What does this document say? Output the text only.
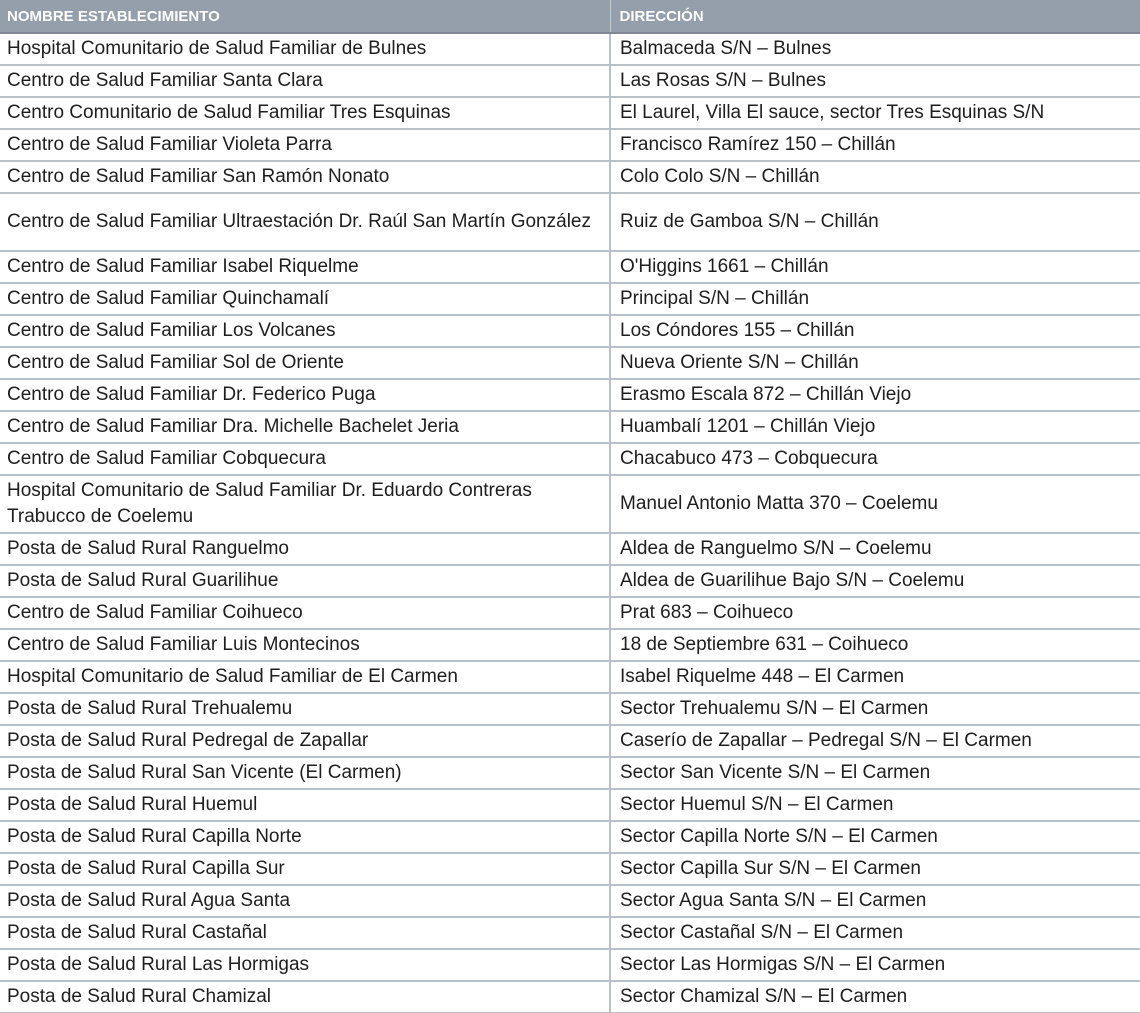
NOMBRE ESTABLECIMIENTO	DIRECCIÓN
Hospital Comunitario de Salud Familiar de Bulnes	Balmaceda S/N – Bulnes
Centro de Salud Familiar Santa Clara	Las Rosas S/N – Bulnes
Centro Comunitario de Salud Familiar Tres Esquinas	El Laurel, Villa El sauce, sector Tres Esquinas S/N
Centro de Salud Familiar Violeta Parra	Francisco Ramírez 150 – Chillán
Centro de Salud Familiar San Ramón Nonato	Colo Colo S/N – Chillán
Centro de Salud Familiar Ultraestación Dr. Raúl San Martín González	Ruiz de Gamboa S/N – Chillán
Centro de Salud Familiar Isabel Riquelme	O'Higgins 1661 – Chillán
Centro de Salud Familiar Quinchamalí	Principal S/N – Chillán
Centro de Salud Familiar Los Volcanes	Los Cóndores 155 – Chillán
Centro de Salud Familiar Sol de Oriente	Nueva Oriente S/N – Chillán
Centro de Salud Familiar Dr. Federico Puga	Erasmo Escala 872 – Chillán Viejo
Centro de Salud Familiar Dra. Michelle Bachelet Jeria	Huambalí 1201 – Chillán Viejo
Centro de Salud Familiar Cobquecura	Chacabuco 473 – Cobquecura
Hospital Comunitario de Salud Familiar Dr. Eduardo Contreras Trabucco de Coelemu	Manuel Antonio Matta 370 – Coelemu
Posta de Salud Rural Ranguelmo	Aldea de Ranguelmo S/N – Coelemu
Posta de Salud Rural Guarilihue	Aldea de Guarilihue Bajo S/N – Coelemu
Centro de Salud Familiar Coihueco	Prat 683 – Coihueco
Centro de Salud Familiar Luis Montecinos	18 de Septiembre 631 – Coihueco
Hospital Comunitario de Salud Familiar de El Carmen	Isabel Riquelme 448 – El Carmen
Posta de Salud Rural Trehualemu	Sector Trehualemu S/N – El Carmen
Posta de Salud Rural Pedregal de Zapallar	Caserío de Zapallar – Pedregal S/N – El Carmen
Posta de Salud Rural San Vicente (El Carmen)	Sector San Vicente S/N – El Carmen
Posta de Salud Rural Huemul	Sector Huemul S/N – El Carmen
Posta de Salud Rural Capilla Norte	Sector Capilla Norte S/N – El Carmen
Posta de Salud Rural Capilla Sur	Sector Capilla Sur S/N – El Carmen
Posta de Salud Rural Agua Santa	Sector Agua Santa S/N – El Carmen
Posta de Salud Rural Castañal	Sector Castañal S/N – El Carmen
Posta de Salud Rural Las Hormigas	Sector Las Hormigas S/N – El Carmen
Posta de Salud Rural Chamizal	Sector Chamizal S/N – El Carmen
